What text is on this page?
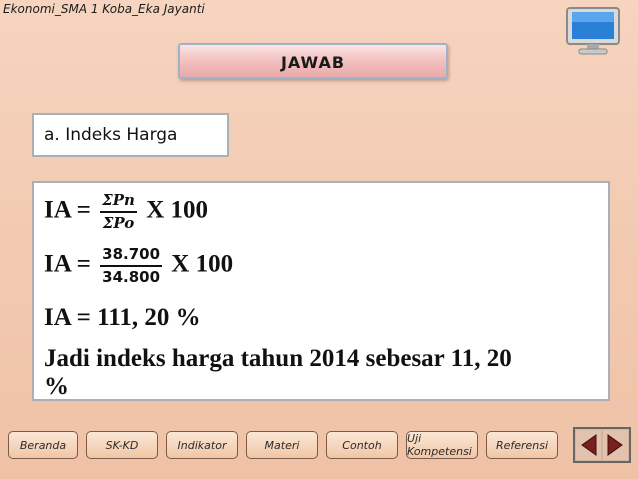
Ekonomi_SMA 1 Koba_Eka Jayanti
JAWAB
a. Indeks Harga
IA = $\frac{\text{ΣPn}}{\text{ΣPo}}$ X 100
IA = $\frac{38.700}{34.800}$ X 100
IA = 111, 20 %
Jadi indeks harga tahun 2014 sebesar 11, 20
%
Beranda	SK-KD	Indikator	Materi	Contoh	Uji Kompetensi	Referensi
